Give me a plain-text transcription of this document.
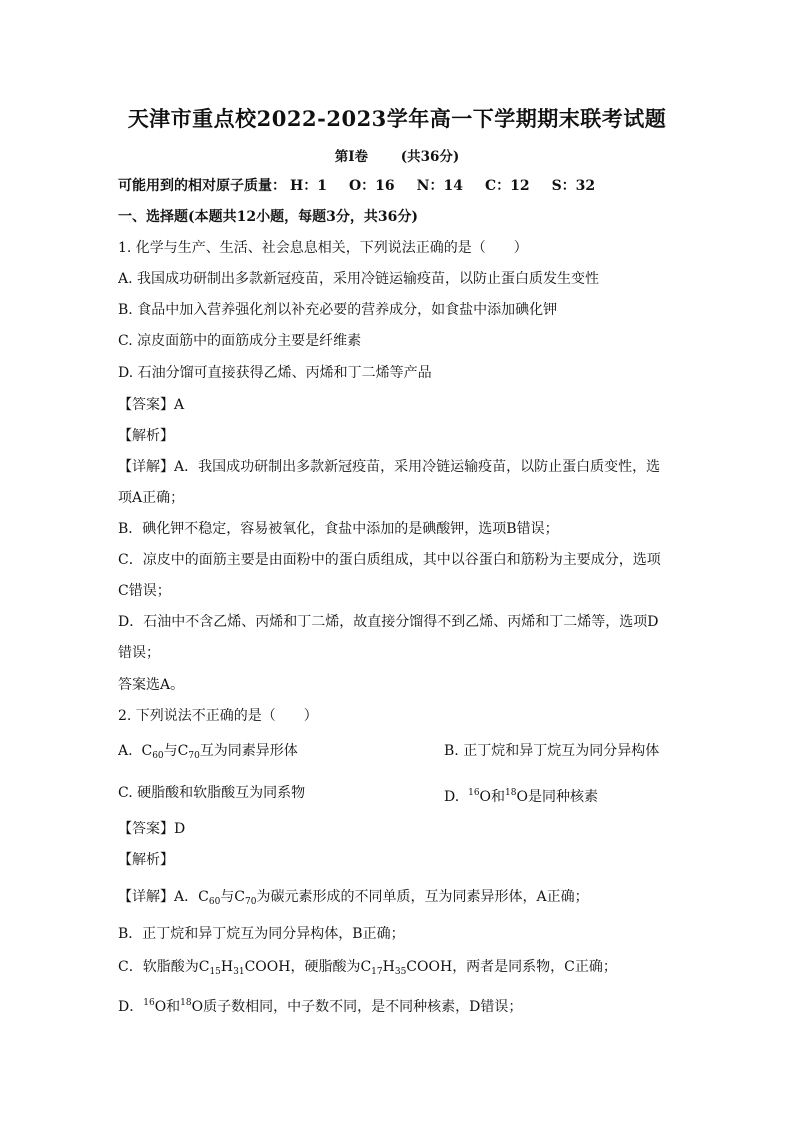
天津市重点校2022-2023学年高一下学期期末联考试题
第Ⅰ卷 (共36分)
可能用到的相对原子质量： H：1 O：16 N：14 C：12 S：32
一、选择题(本题共12小题，每题3分，共36分)
1. 化学与生产、生活、社会息息相关，下列说法正确的是（　　）
A. 我国成功研制出多款新冠疫苗，采用冷链运输疫苗，以防止蛋白质发生变性
B. 食品中加入营养强化剂以补充必要的营养成分，如食盐中添加碘化钾
C. 凉皮面筋中的面筋成分主要是纤维素
D. 石油分馏可直接获得乙烯、丙烯和丁二烯等产品
【答案】A
【解析】
【详解】A．我国成功研制出多款新冠疫苗，采用冷链运输疫苗，以防止蛋白质变性，选
项A正确；
B．碘化钾不稳定，容易被氧化，食盐中添加的是碘酸钾，选项B错误；
C．凉皮中的面筋主要是由面粉中的蛋白质组成，其中以谷蛋白和筋粉为主要成分，选项
C错误；
D．石油中不含乙烯、丙烯和丁二烯，故直接分馏得不到乙烯、丙烯和丁二烯等，选项D
错误；
答案选A。
2. 下列说法不正确的是（　　）
A. $C_{60}$与$C_{70}$互为同素异形体	B. 正丁烷和异丁烷互为同分异构体
C. 硬脂酸和软脂酸互为同系物	D. $^{16}$O和$^{18}$O是同种核素
【答案】D
【解析】
【详解】A．$C_{60}$与$C_{70}$为碳元素形成的不同单质，互为同素异形体，A正确；
B．正丁烷和异丁烷互为同分异构体，B正确；
C．软脂酸为$C_{15}H_{31}COOH$，硬脂酸为$C_{17}H_{35}COOH$，两者是同系物，C正确；
D．$^{16}$O和$^{18}$O质子数相同，中子数不同，是不同种核素，D错误；
